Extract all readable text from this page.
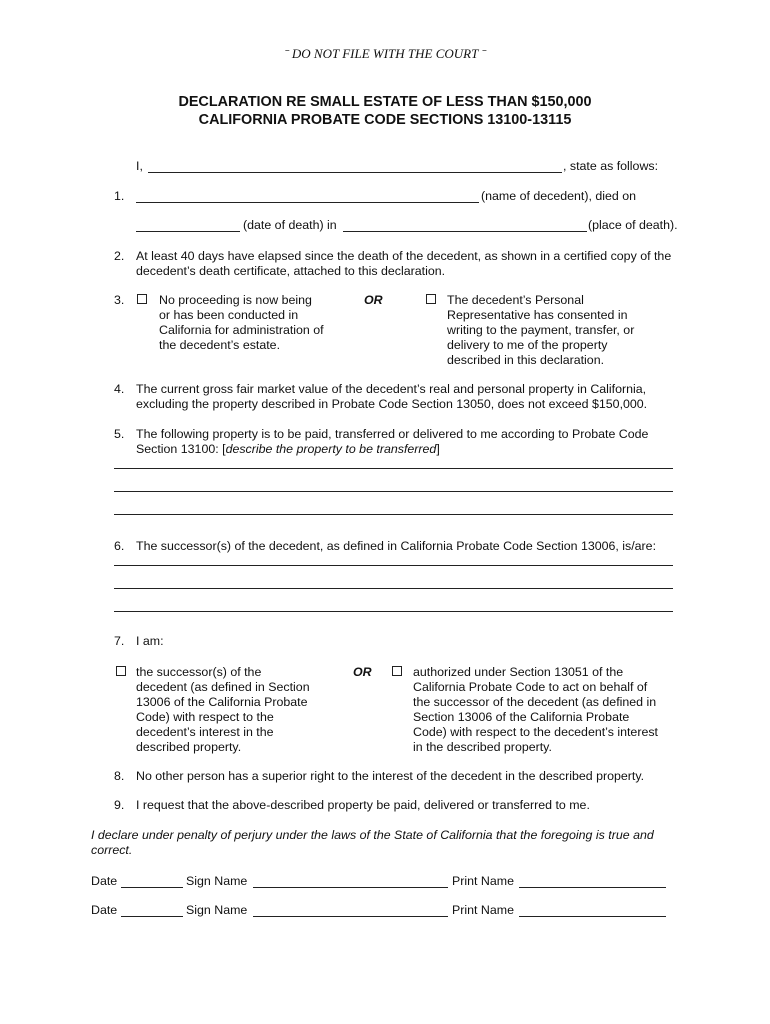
ˉ DO NOT FILE WITH THE COURT ˉ
DECLARATION RE SMALL ESTATE OF LESS THAN $150,000
CALIFORNIA PROBATE CODE SECTIONS 13100-13115
I,	, state as follows:
1.	(name of decedent), died on
(date of death) in	(place of death).
2. At least 40 days have elapsed since the death of the decedent, as shown in a certified copy of the
decedent’s death certificate, attached to this declaration.
3.	No proceeding is now being
or has been conducted in
California for administration of
the decedent’s estate.
OR	The decedent’s Personal
Representative has consented in
writing to the payment, transfer, or
delivery to me of the property
described in this declaration.
4. The current gross fair market value of the decedent’s real and personal property in California,
excluding the property described in Probate Code Section 13050, does not exceed $150,000.
5. The following property is to be paid, transferred or delivered to me according to Probate Code
Section 13100: [describe the property to be transferred]
6. The successor(s) of the decedent, as defined in California Probate Code Section 13006, is/are:
7. I am:
the successor(s) of the
decedent (as defined in Section
13006 of the California Probate
Code) with respect to the
decedent’s interest in the
described property.
OR	authorized under Section 13051 of the
California Probate Code to act on behalf of
the successor of the decedent (as defined in
Section 13006 of the California Probate
Code) with respect to the decedent’s interest
in the described property.
8. No other person has a superior right to the interest of the decedent in the described property.
9. I request that the above-described property be paid, delivered or transferred to me.
I declare under penalty of perjury under the laws of the State of California that the foregoing is true and
correct.
Date	Sign Name	Print Name
Date	Sign Name	Print Name
